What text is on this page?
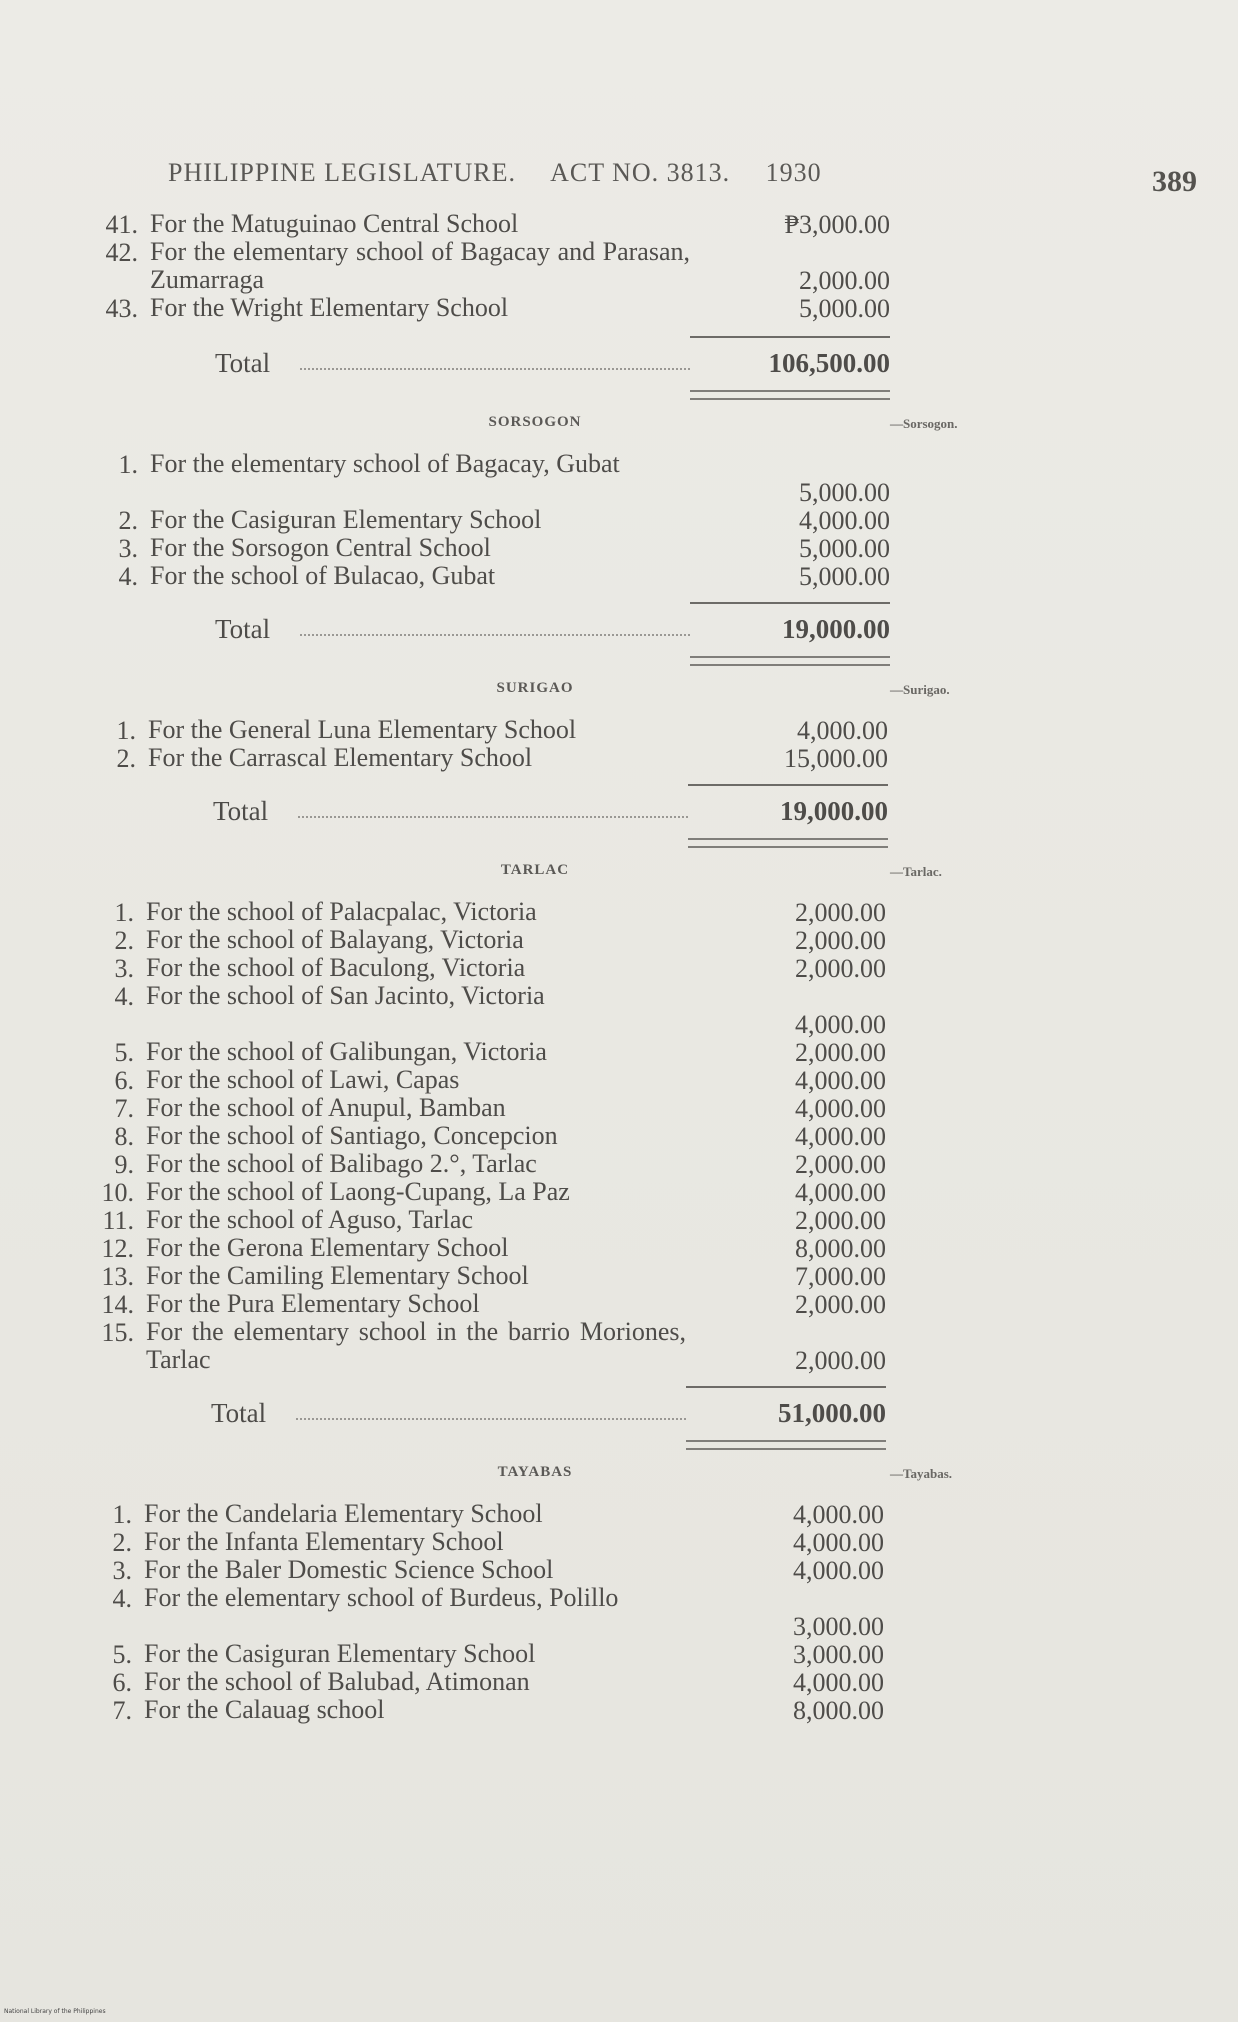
PHILIPPINE LEGISLATURE. ACT NO. 3813. 1930	389
41. For the Matuguinao Central School	₱3,000.00
42. For the elementary school of Bagacay and Parasan, Zumarraga	2,000.00
43. For the Wright Elementary School	5,000.00
Total	106,500.00
SORSOGON	—Sorsogon.
1. For the elementary school of Bagacay, Gubat
5,000.00
2. For the Casiguran Elementary School	4,000.00
3. For the Sorsogon Central School	5,000.00
4. For the school of Bulacao, Gubat	5,000.00
Total	19,000.00
SURIGAO	—Surigao.
1. For the General Luna Elementary School	4,000.00
2. For the Carrascal Elementary School	15,000.00
Total	19,000.00
TARLAC	—Tarlac.
1. For the school of Palacpalac, Victoria	2,000.00
2. For the school of Balayang, Victoria	2,000.00
3. For the school of Baculong, Victoria	2,000.00
4. For the school of San Jacinto, Victoria
4,000.00
5. For the school of Galibungan, Victoria	2,000.00
6. For the school of Lawi, Capas	4,000.00
7. For the school of Anupul, Bamban	4,000.00
8. For the school of Santiago, Concepcion	4,000.00
9. For the school of Balibago 2.°, Tarlac	2,000.00
10. For the school of Laong-Cupang, La Paz	4,000.00
11. For the school of Aguso, Tarlac	2,000.00
12. For the Gerona Elementary School	8,000.00
13. For the Camiling Elementary School	7,000.00
14. For the Pura Elementary School	2,000.00
15. For the elementary school in the barrio Moriones, Tarlac	2,000.00
Total	51,000.00
TAYABAS	—Tayabas.
1. For the Candelaria Elementary School	4,000.00
2. For the Infanta Elementary School	4,000.00
3. For the Baler Domestic Science School	4,000.00
4. For the elementary school of Burdeus, Polillo
3,000.00
5. For the Casiguran Elementary School	3,000.00
6. For the school of Balubad, Atimonan	4,000.00
7. For the Calauag school	8,000.00
National Library of the Philippines
